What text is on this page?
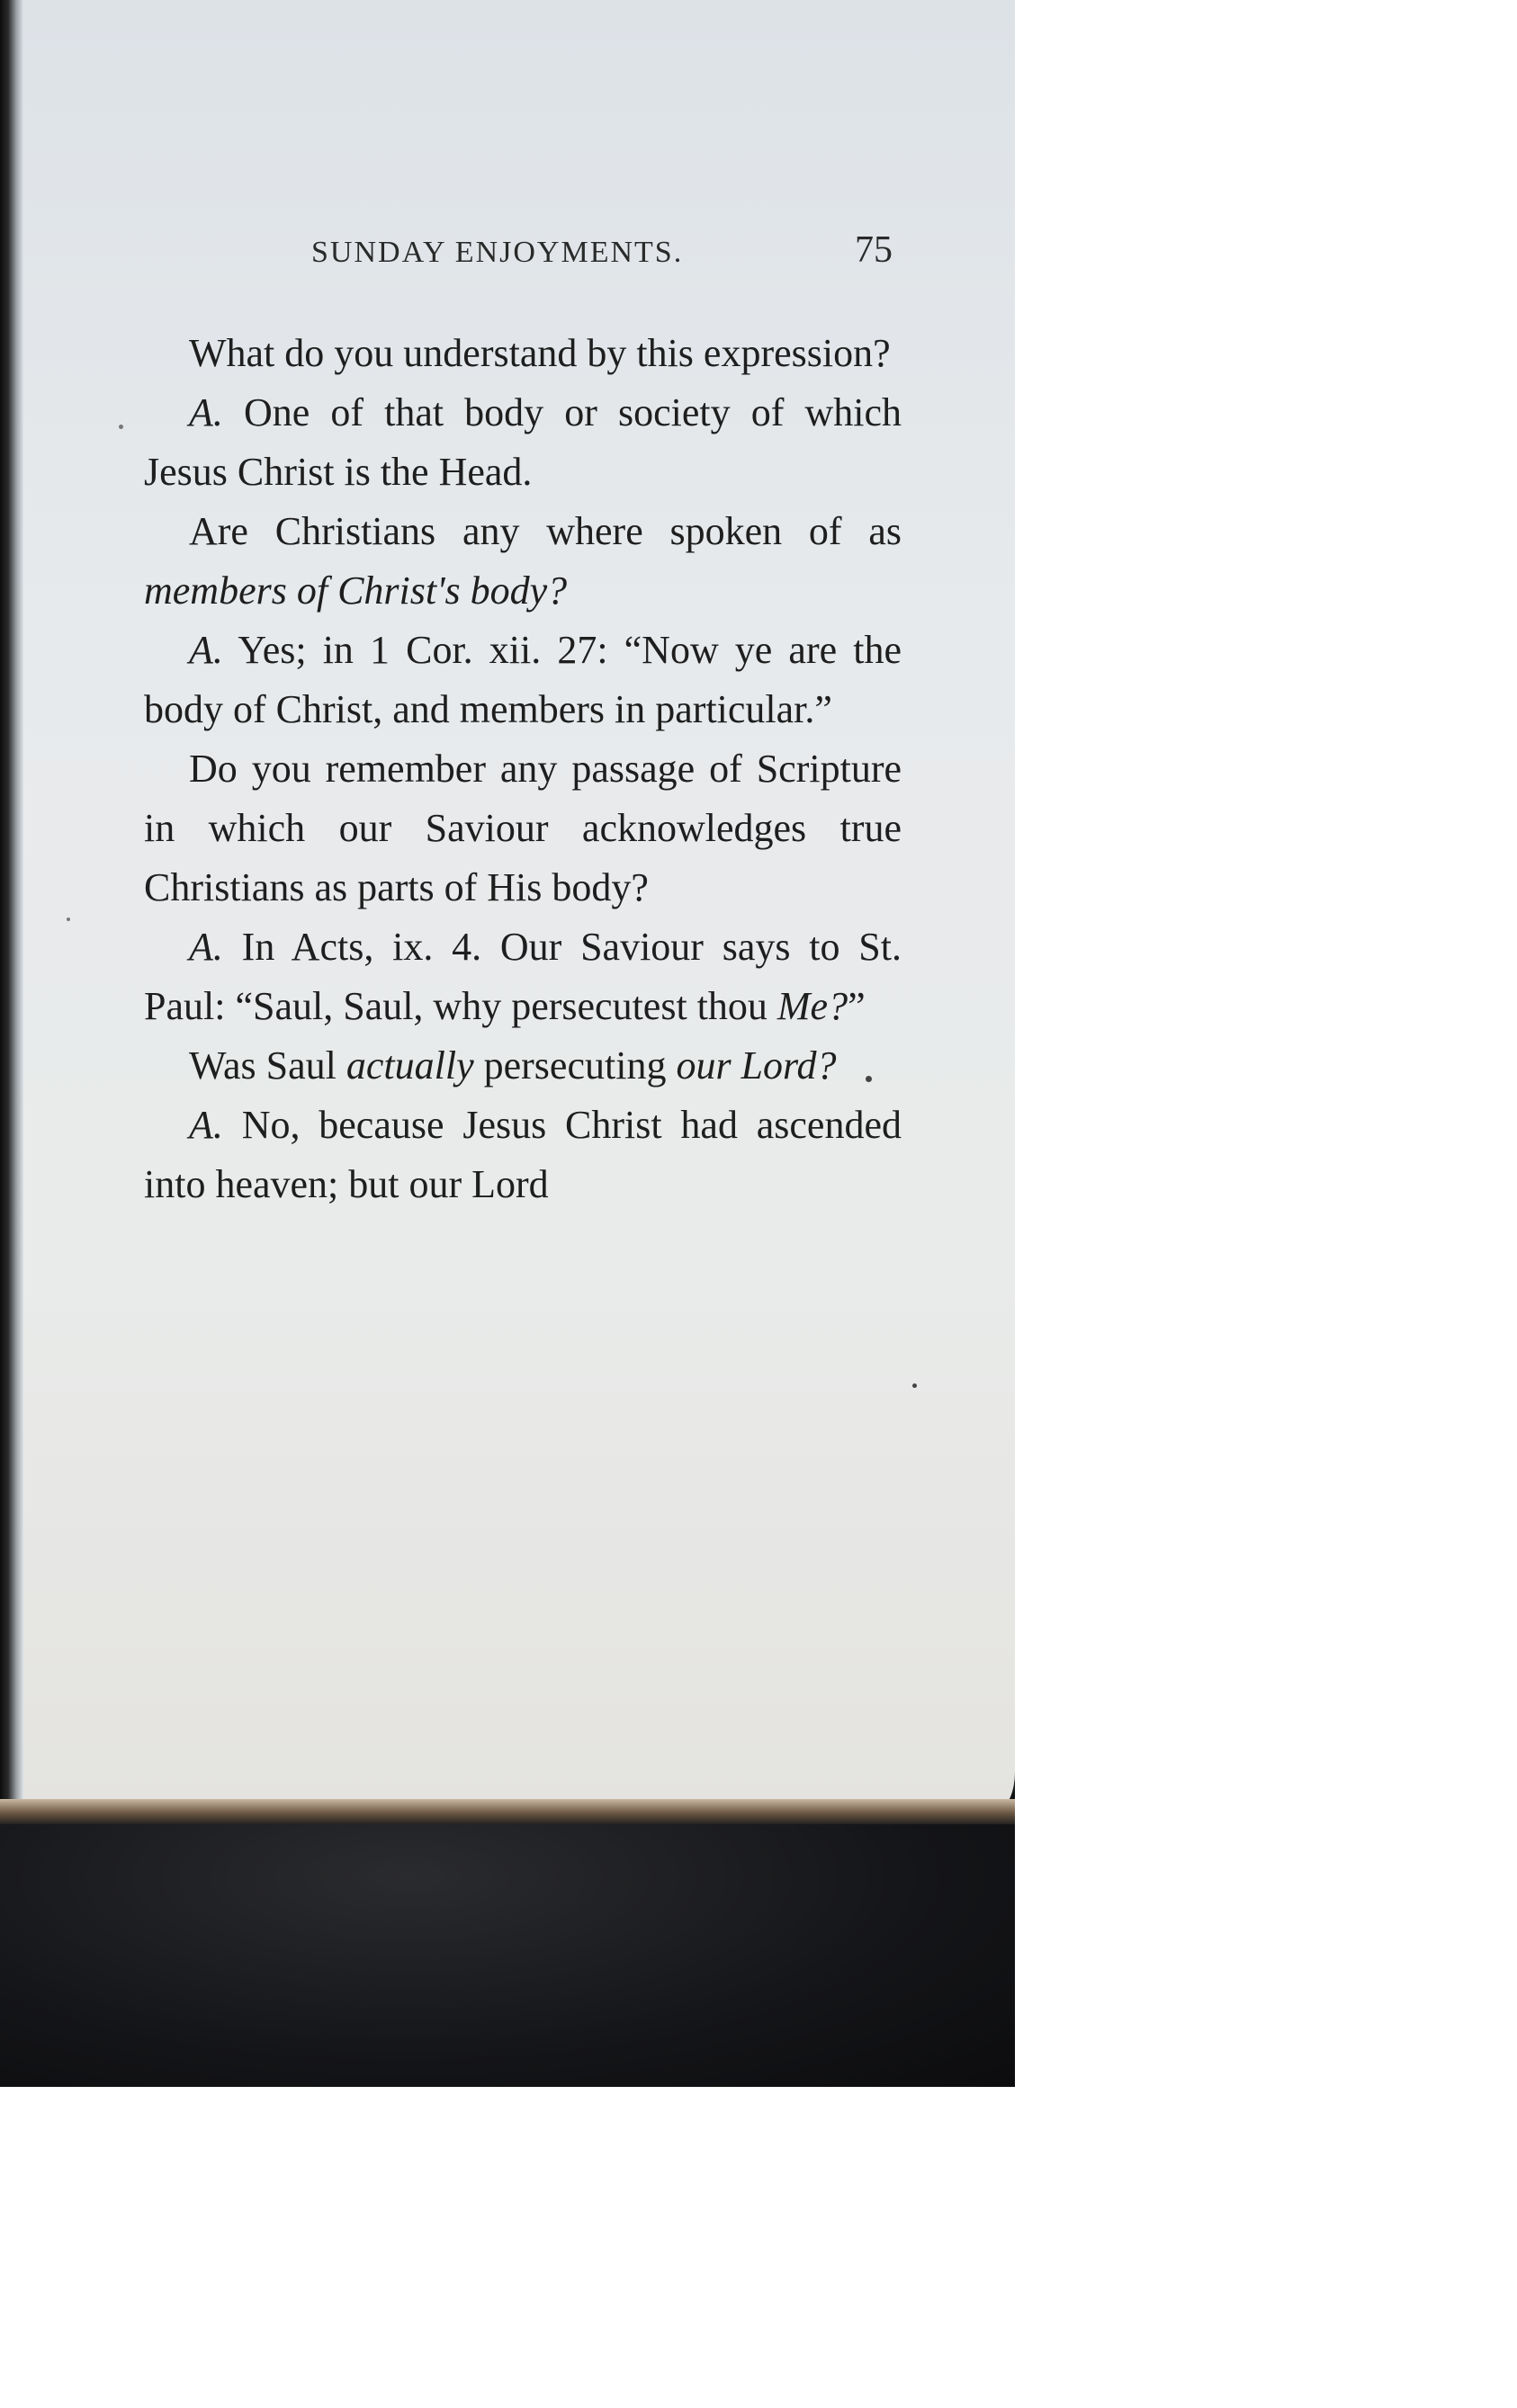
SUNDAY ENJOYMENTS.	75

What do you understand by this expression?

A. One of that body or society of which Jesus Christ is the Head.

Are Christians any where spoken of as members of Christ's body?

A. Yes; in 1 Cor. xii. 27: “Now ye are the body of Christ, and members in particular.”

Do you remember any passage of Scripture in which our Saviour acknowledges true Christians as parts of His body?

A. In Acts, ix. 4. Our Saviour says to St. Paul: “Saul, Saul, why persecutest thou Me?”

Was Saul actually persecuting our Lord?

A. No, because Jesus Christ had ascended into heaven; but our Lord
